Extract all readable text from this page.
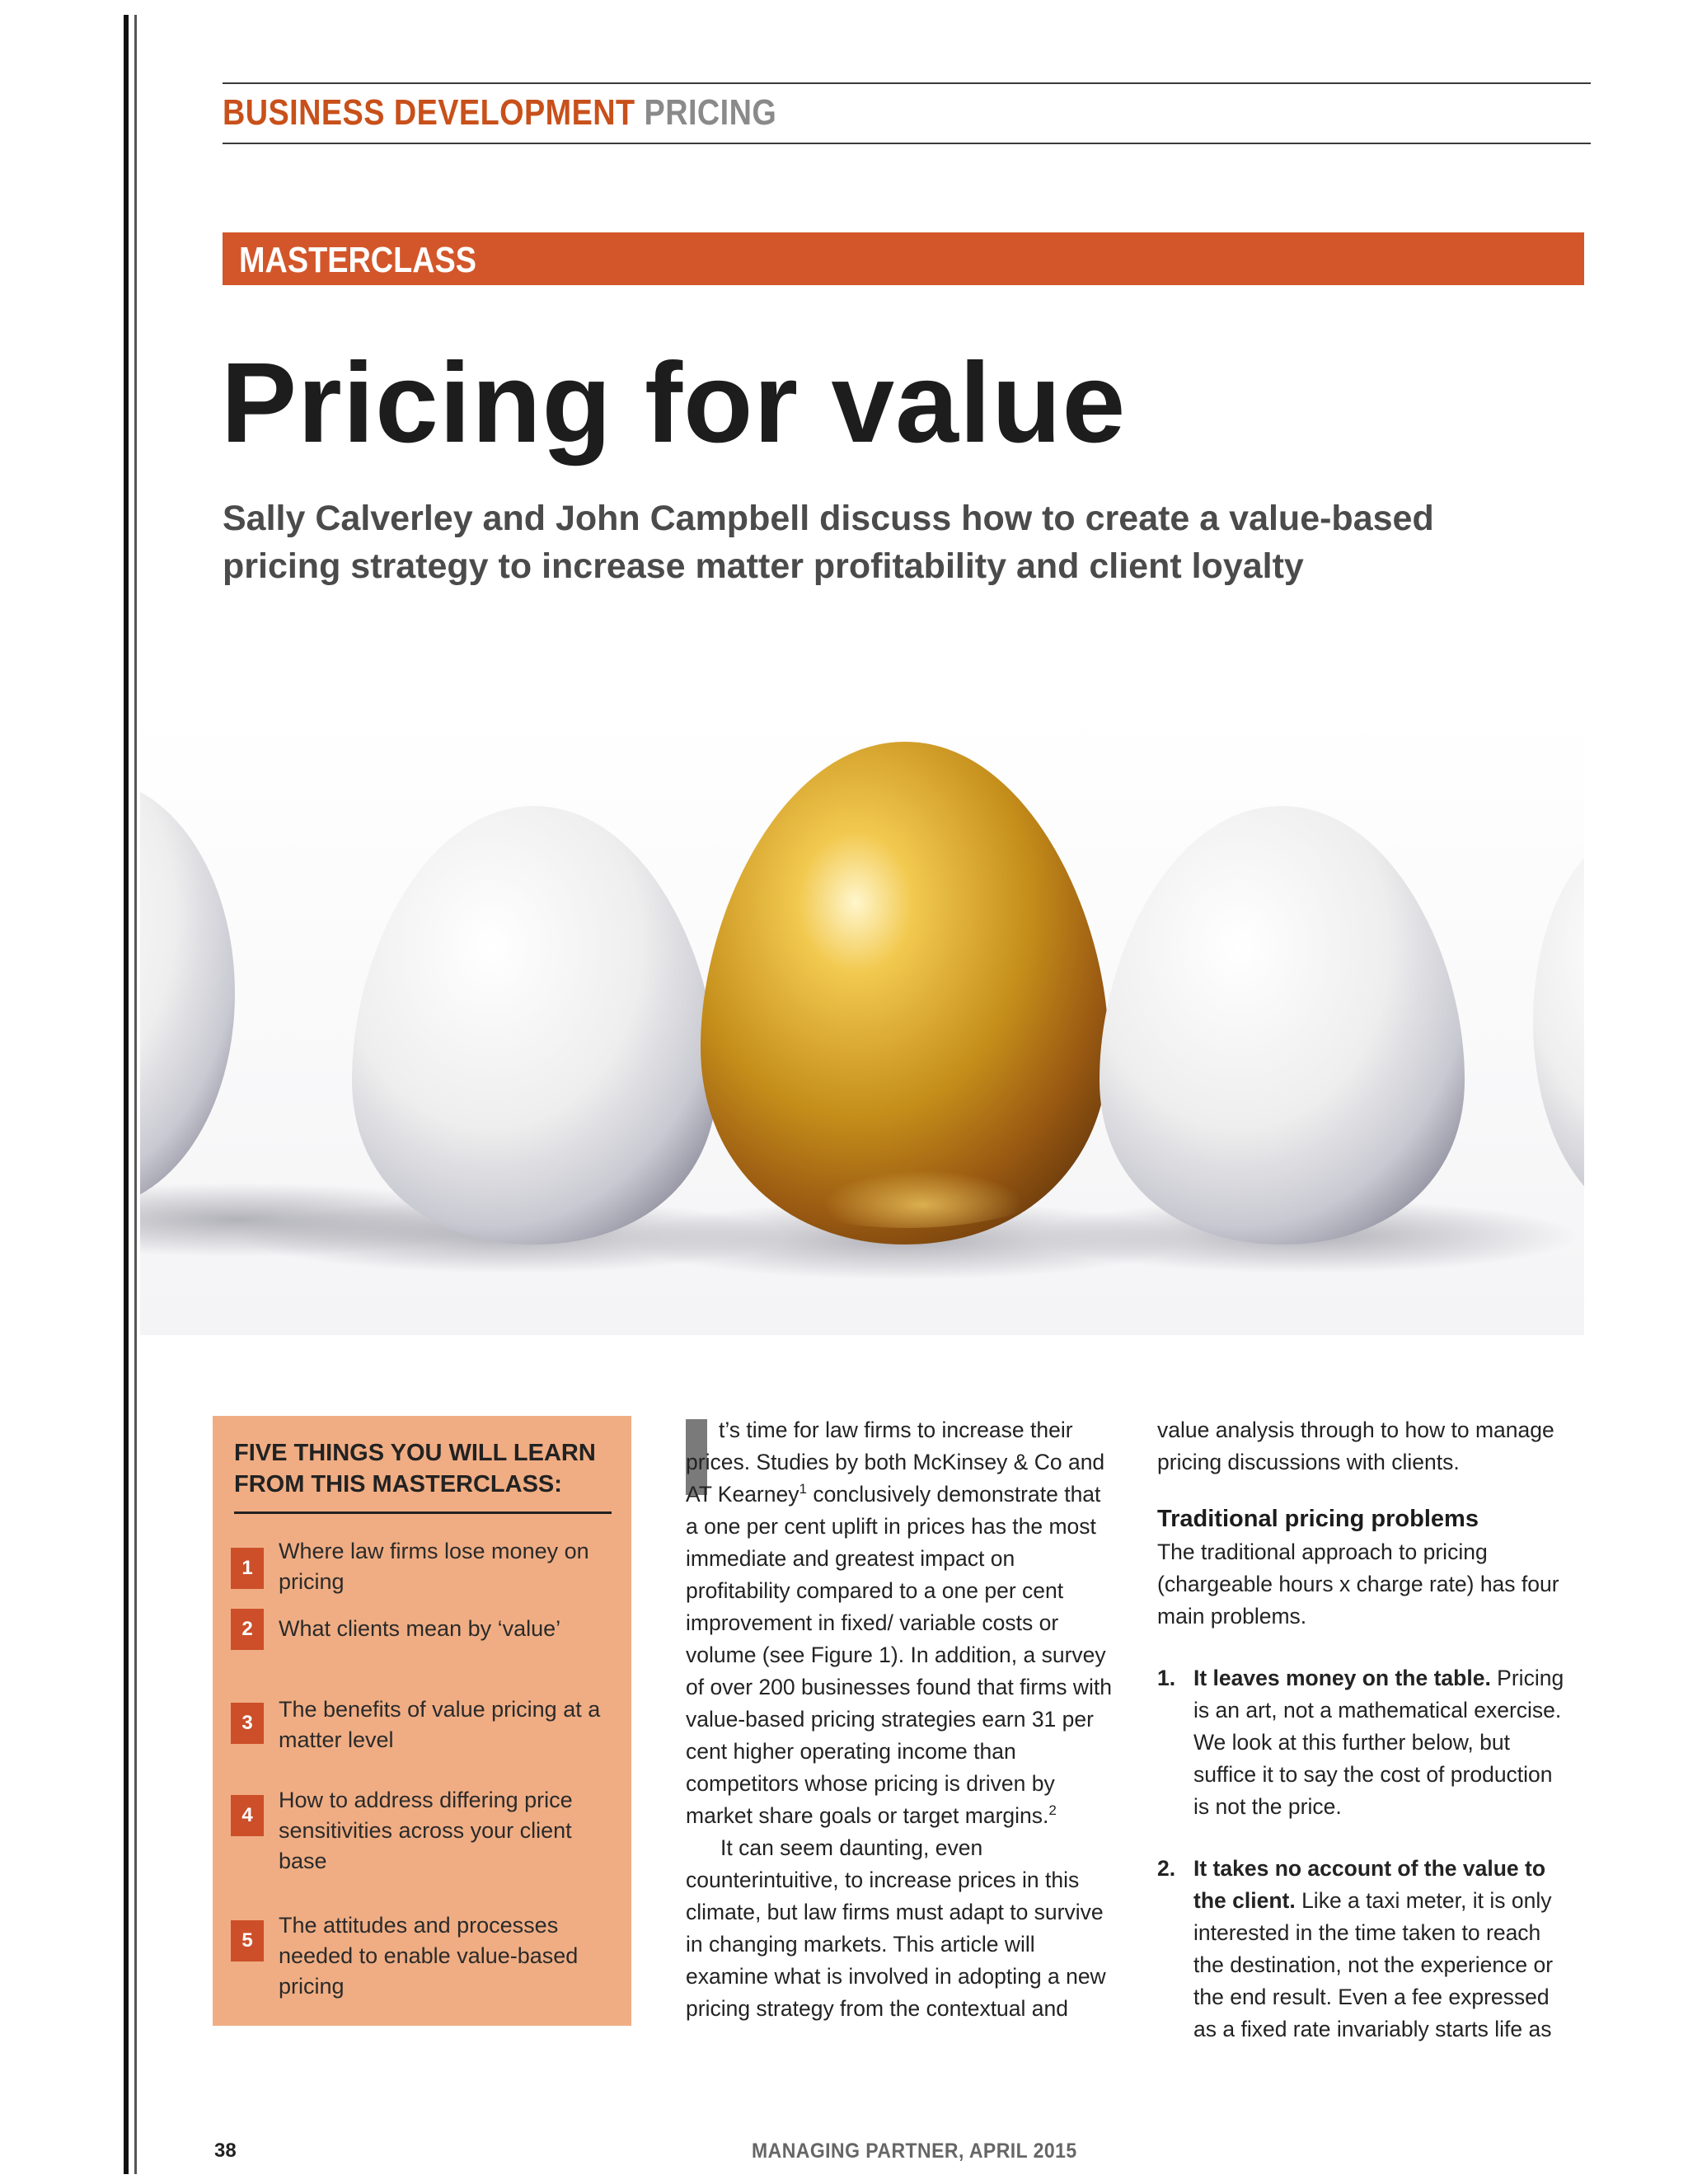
BUSINESS DEVELOPMENT PRICING
MASTERCLASS
Pricing for value
Sally Calverley and John Campbell discuss how to create a value-based
pricing strategy to increase matter profitability and client loyalty
FIVE THINGS YOU WILL LEARN
FROM THIS MASTERCLASS:
1
Where law firms lose money on pricing
2	What clients mean by ‘value’
3
The benefits of value pricing at a matter level
4
How to address differing price sensitivities across your client base
5
The attitudes and processes needed to enable value-based pricing

t’s time for law firms to increase their prices. Studies by both McKinsey & Co and AT Kearney$^1$ conclusively demonstrate that a one per cent uplift in prices has the most immediate and greatest impact on profitability compared to a one per cent improvement in fixed/ variable costs or volume (see Figure 1). In addition, a survey of over 200 businesses found that firms with value-based pricing strategies earn 31 per cent higher operating income than competitors whose pricing is driven by market share goals or target margins.$^2$

It can seem daunting, even counterintuitive, to increase prices in this climate, but law firms must adapt to survive in changing markets. This article will examine what is involved in adopting a new pricing strategy from the contextual and

value analysis through to how to manage pricing discussions with clients.

Traditional pricing problems

The traditional approach to pricing (chargeable hours x charge rate) has four main problems.

1. It leaves money on the table. Pricing is an art, not a mathematical exercise. We look at this further below, but suffice it to say the cost of production is not the price.

2. It takes no account of the value to the client. Like a taxi meter, it is only interested in the time taken to reach the destination, not the experience or the end result. Even a fee expressed as a fixed rate invariably starts life as

38	MANAGING PARTNER, APRIL 2015
